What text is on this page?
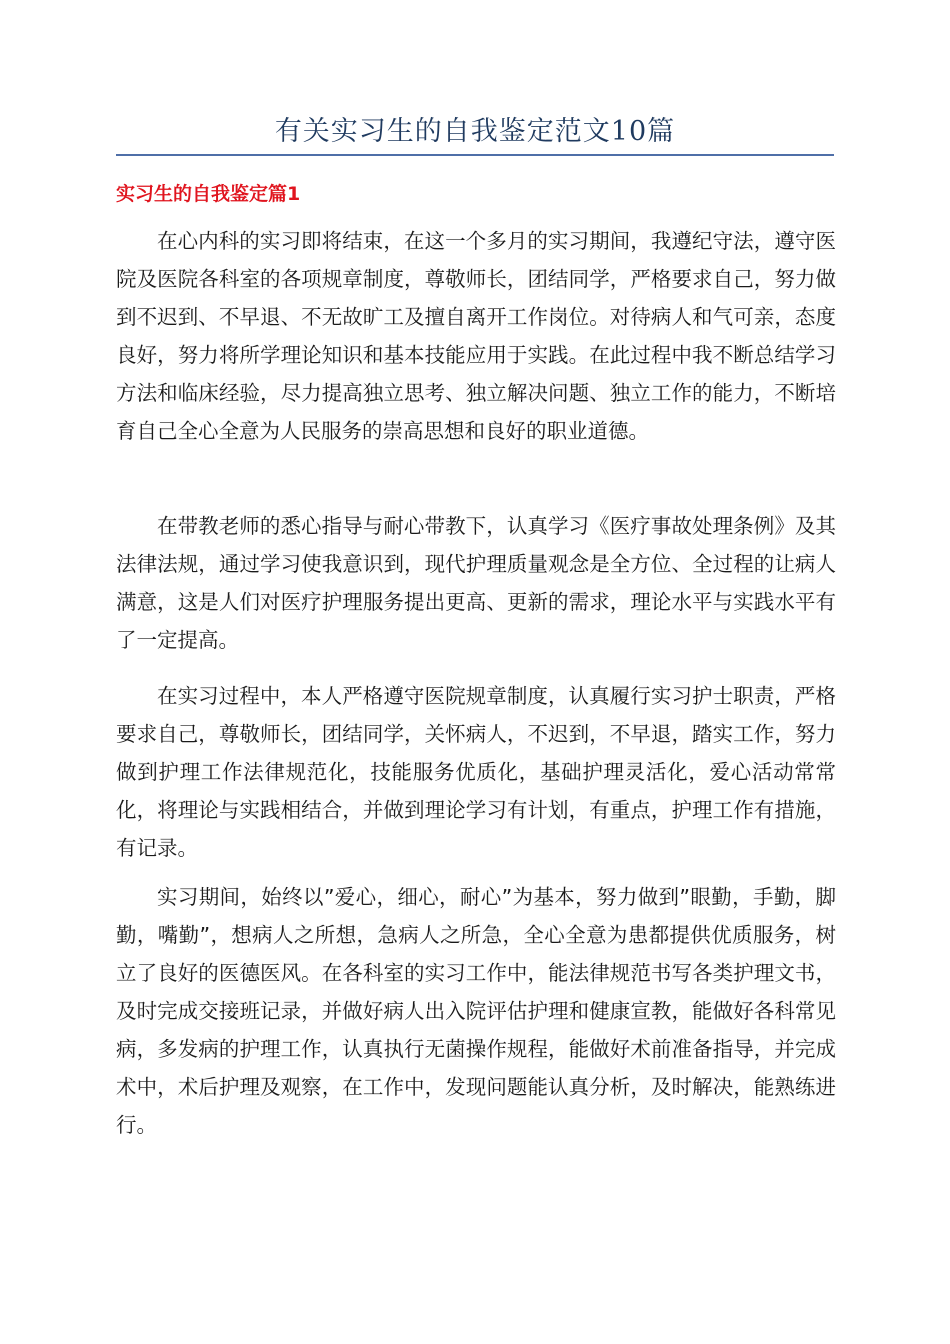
有关实习生的自我鉴定范文10篇
实习生的自我鉴定篇1

在心内科的实习即将结束，在这一个多月的实习期间，我遵纪守法，遵守医院及医院各科室的各项规章制度，尊敬师长，团结同学，严格要求自己，努力做到不迟到、不早退、不无故旷工及擅自离开工作岗位。对待病人和气可亲，态度良好，努力将所学理论知识和基本技能应用于实践。在此过程中我不断总结学习方法和临床经验，尽力提高独立思考、独立解决问题、独立工作的能力，不断培育自己全心全意为人民服务的崇高思想和良好的职业道德。

在带教老师的悉心指导与耐心带教下，认真学习《医疗事故处理条例》及其法律法规，通过学习使我意识到，现代护理质量观念是全方位、全过程的让病人满意，这是人们对医疗护理服务提出更高、更新的需求，理论水平与实践水平有了一定提高。

在实习过程中，本人严格遵守医院规章制度，认真履行实习护士职责，严格要求自己，尊敬师长，团结同学，关怀病人，不迟到，不早退，踏实工作，努力做到护理工作法律规范化，技能服务优质化，基础护理灵活化，爱心活动常常化，将理论与实践相结合，并做到理论学习有计划，有重点，护理工作有措施，有记录。

实习期间，始终以”爱心，细心，耐心”为基本，努力做到”眼勤，手勤，脚勤，嘴勤”，想病人之所想，急病人之所急，全心全意为患都提供优质服务，树立了良好的医德医风。在各科室的实习工作中，能法律规范书写各类护理文书，及时完成交接班记录，并做好病人出入院评估护理和健康宣教，能做好各科常见病，多发病的护理工作，认真执行无菌操作规程，能做好术前准备指导，并完成术中，术后护理及观察，在工作中，发现问题能认真分析，及时解决，能熟练进行。
